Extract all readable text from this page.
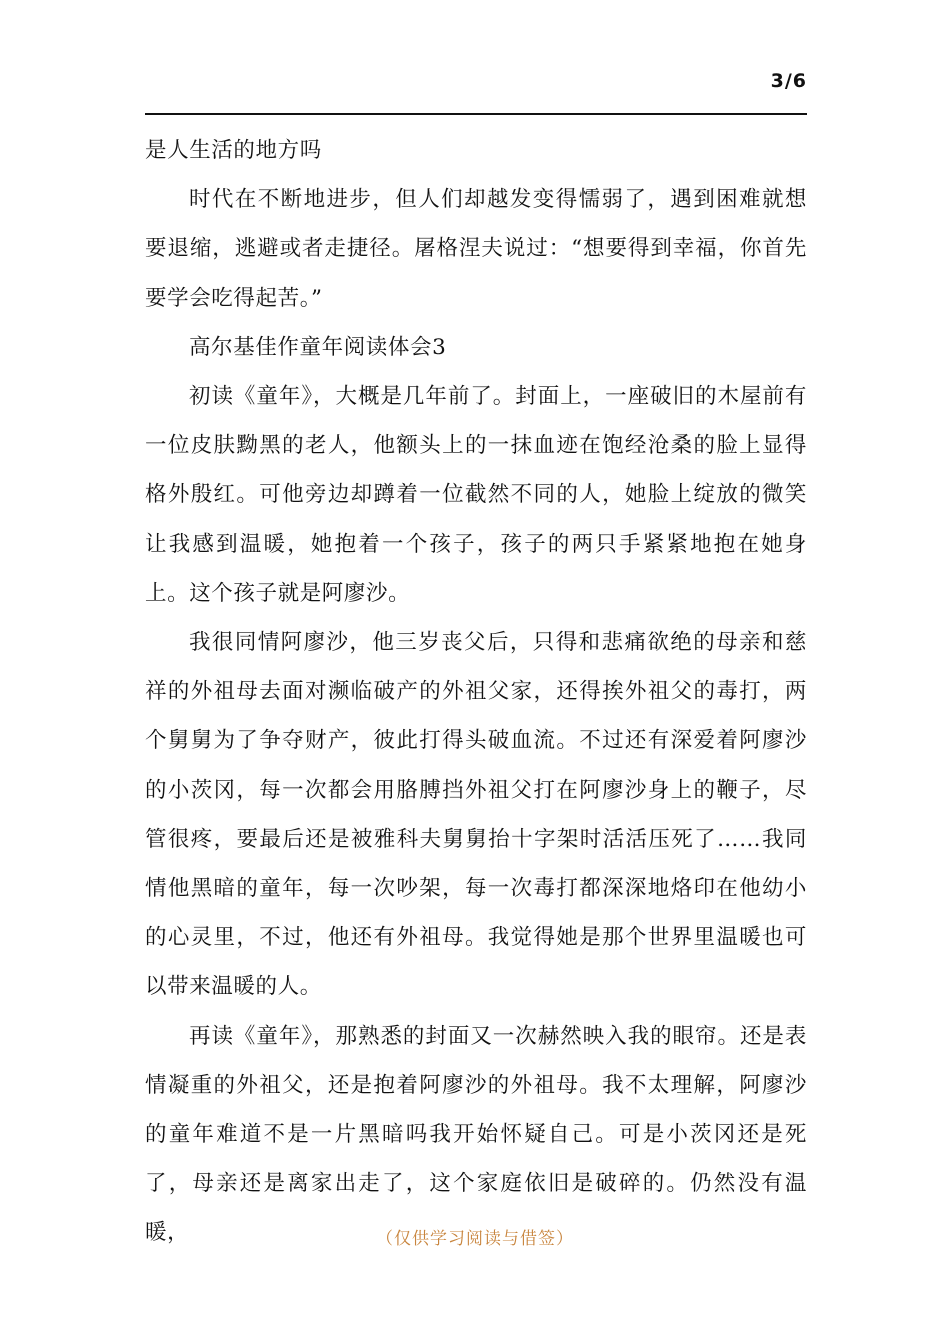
3/6

是人生活的地方吗

时代在不断地进步，但人们却越发变得懦弱了，遇到困难就想要退缩，逃避或者走捷径。屠格涅夫说过：“想要得到幸福，你首先要学会吃得起苦。”

高尔基佳作童年阅读体会3

初读《童年》，大概是几年前了。封面上，一座破旧的木屋前有一位皮肤黝黑的老人，他额头上的一抹血迹在饱经沧桑的脸上显得格外殷红。可他旁边却蹲着一位截然不同的人，她脸上绽放的微笑让我感到温暖，她抱着一个孩子，孩子的两只手紧紧地抱在她身上。这个孩子就是阿廖沙。

我很同情阿廖沙，他三岁丧父后，只得和悲痛欲绝的母亲和慈祥的外祖母去面对濒临破产的外祖父家，还得挨外祖父的毒打，两个舅舅为了争夺财产，彼此打得头破血流。不过还有深爱着阿廖沙的小茨冈，每一次都会用胳膊挡外祖父打在阿廖沙身上的鞭子，尽管很疼，要最后还是被雅科夫舅舅抬十字架时活活压死了……我同情他黑暗的童年，每一次吵架，每一次毒打都深深地烙印在他幼小的心灵里，不过，他还有外祖母。我觉得她是那个世界里温暖也可以带来温暖的人。

再读《童年》，那熟悉的封面又一次赫然映入我的眼帘。还是表情凝重的外祖父，还是抱着阿廖沙的外祖母。我不太理解，阿廖沙的童年难道不是一片黑暗吗我开始怀疑自己。可是小茨冈还是死了，母亲还是离家出走了，这个家庭依旧是破碎的。仍然没有温暖，	（仅供学习阅读与借签）
